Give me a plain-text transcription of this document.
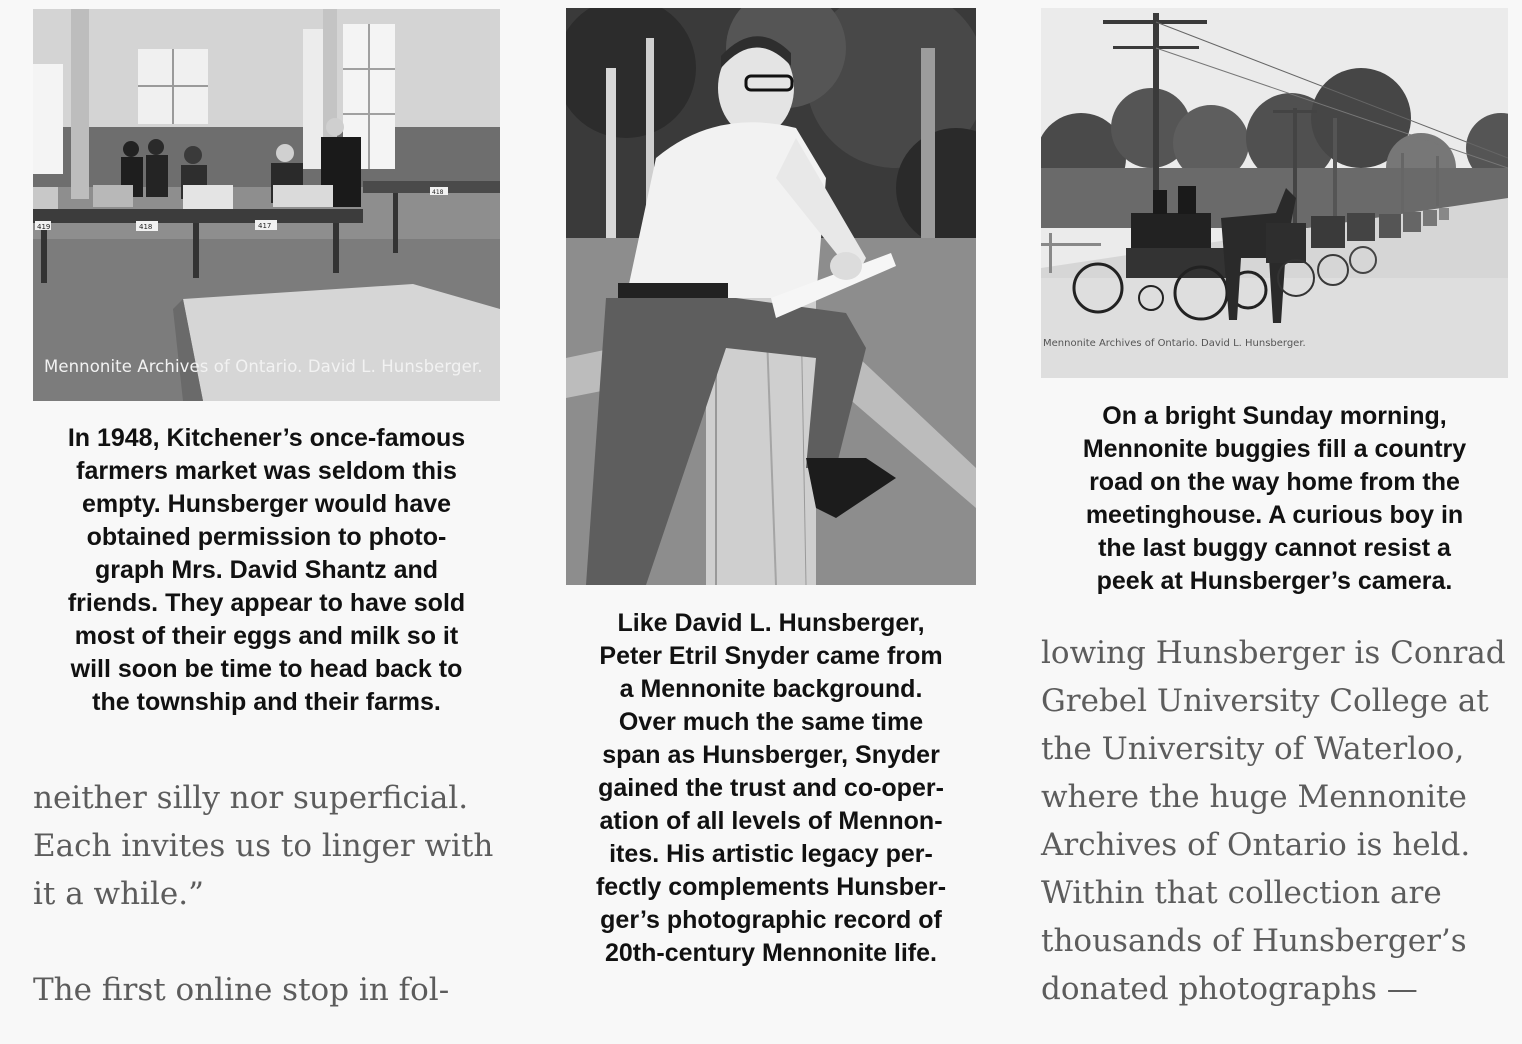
419	418	417
418
Mennonite Archives of Ontario. David L. Hunsberger.
In 1948, Kitchener’s once-famous
farmers market was seldom this
empty. Hunsberger would have
obtained permission to photo-
graph Mrs. David Shantz and
friends. They appear to have sold
most of their eggs and milk so it
will soon be time to head back to
the township and their farms.
neither silly nor superficial.
Each invites us to linger with
it a while.”
The first online stop in fol-
Like David L. Hunsberger,
Peter Etril Snyder came from
a Mennonite background.
Over much the same time
span as Hunsberger, Snyder
gained the trust and co-oper-
ation of all levels of Mennon-
ites. His artistic legacy per-
fectly complements Hunsber-
ger’s photographic record of
20th-century Mennonite life.
Mennonite Archives of Ontario. David L. Hunsberger.
On a bright Sunday morning,
Mennonite buggies fill a country
road on the way home from the
meetinghouse. A curious boy in
the last buggy cannot resist a
peek at Hunsberger’s camera.
lowing Hunsberger is Conrad
Grebel University College at
the University of Waterloo,
where the huge Mennonite
Archives of Ontario is held.
Within that collection are
thousands of Hunsberger’s
donated photographs —
